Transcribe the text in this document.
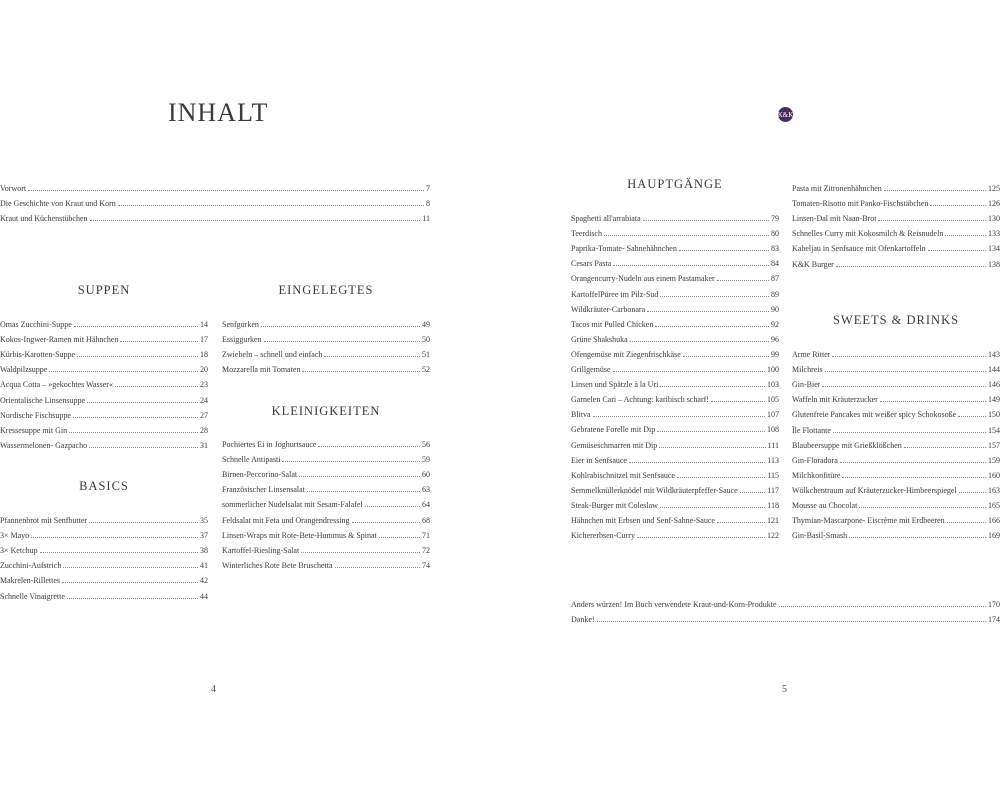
INHALT
Vorwort	7
Die Geschichte von Kraut und Korn	8
Kraut und Küchenstübchen	11
SUPPEN
Omas Zucchini-Suppe	14
Kokos-Ingwer-Ramen mit Hähnchen	17
Kürbis-Karotten-Suppe	18
Waldpilzsuppe	20
Acqua Cotta – »gekochtes Wasser«	23
Orientalische Linsensuppe	24
Nordische Fischsuppe	27
Kressesuppe mit Gin	28
Wassermelonen- Gazpacho	31
BASICS
Pfannenbrot mit Senfbutter	35
3× Mayo	37
3× Ketchup	38
Zucchini-Aufstrich	41
Makrelen-Rillettes	42
Schnelle Vinaigrette	44
EINGELEGTES
Senfgurken	49
Essiggurken	50
Zwiebeln – schnell und einfach	51
Mozzarella mit Tomaten	52
KLEINIGKEITEN
Pochiertes Ei in Joghurtsauce	56
Schnelle Antipasti	59
Birnen-Peccorino-Salat	60
Französischer Linsensalat	63
sommerlicher Nudelsalat mit Sesam-Falafel	64
Feldsalat mit Feta und Orangendressing	68
Linsen-Wraps mit Rote-Bete-Hummus & Spinat	71
Kartoffel-Riesling-Salat	72
Winterliches Rote Bete Bruschetta	74
4
K&K
HAUPTGÄNGE
Spaghetti all'arrabiata	79
Teerdisch	80
Paprika-Tomate- Sahnehähnchen	83
Cesars Pasta	84
Orangencurry-Nudeln aus einem Pastamaker	87
KartoffelPüree im Pilz-Sud	89
Wildkräuter-Carbonara	90
Tacos mit Pulled Chicken	92
Grüne Shakshuka	96
Ofengemüse mit Ziegenfrischkäse	99
Grillgemüse	100
Linsen und Spätzle à la Uri	103
Garnelen Cari – Achtung: karibisch scharf!	105
Blitva	107
Gebratene Forelle mit Dip	108
Gemüseschmarren mit Dip	111
Eier in Senfsauce	113
Kohlrabischnitzel mit Senfsauce	115
Semmelknüllerknödel mit Wildkräuterpfeffer-Sauce	117
Steak-Burger mit Coleslaw	118
Hähnchen mit Erbsen und Senf-Sahne-Sauce	121
Kichererbsen-Curry	122
Pasta mit Zitronenhähnchen	125
Tomaten-Risotto mit Panko-Fischstäbchen	126
Linsen-Dal mit Naan-Brot	130
Schnelles Curry mit Kokosmilch & Reisnudeln	133
Kabeljau in Senfsauce mit Ofenkartoffeln	134
K&K Burger	138
SWEETS & DRINKS
Arme Ritter	143
Milchreis	144
Gin-Bier	146
Waffeln mit Kräuterzucker	149
Glutenfreie Pancakes mit weißer spicy Schokosoße	150
Île Flottante	154
Blaubeersuppe mit Grießklößchen	157
Gin-Floradora	159
Milchkonfitüre	160
Wölkchentraum auf Kräuterzucker-Himbeerspiegel	163
Mousse au Chocolat	165
Thymian-Mascarpone- Eiscrème mit Erdbeeren	166
Gin-Basil-Smash	169
Anders würzen! Im Buch verwendete Kraut-und-Korn-Produkte	170
Danke!	174
5
